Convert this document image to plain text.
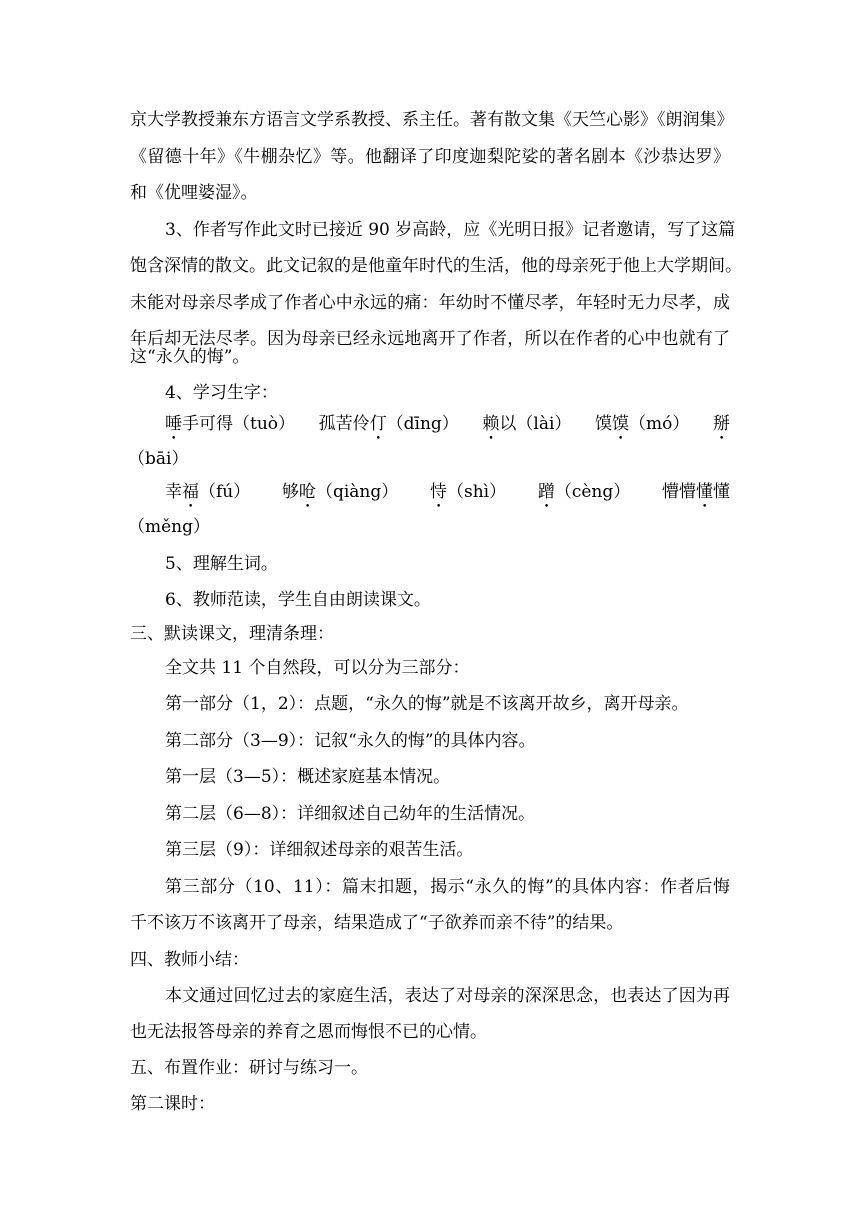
京大学教授兼东方语言文学系教授、系主任。著有散文集《天竺心影》《朗润集》
《留德十年》《牛棚杂忆》等。他翻译了印度迦梨陀娑的著名剧本《沙恭达罗》
和《优哩婆湿》。
3、作者写作此文时已接近 90 岁高龄，应《光明日报》记者邀请，写了这篇
饱含深情的散文。此文记叙的是他童年时代的生活，他的母亲死于他上大学期间。
未能对母亲尽孝成了作者心中永远的痛：年幼时不懂尽孝，年轻时无力尽孝，成
年后却无法尽孝。因为母亲已经永远地离开了作者，所以在作者的心中也就有了
这“永久的悔”。
4、学习生字：
唾手可得（tuò） 孤苦伶仃（dīng） 赖以（lài） 馍馍（mó） 掰
（bāi）
幸福（fú） 够呛（qiàng） 恃（shì） 蹭（cèng） 懵懵懂懂
（měng）
5、理解生词。
6、教师范读，学生自由朗读课文。
三、默读课文，理清条理：
全文共 11 个自然段，可以分为三部分：
第一部分（1，2）：点题，“永久的悔”就是不该离开故乡，离开母亲。
第二部分（3—9）：记叙“永久的悔”的具体内容。
第一层（3—5）：概述家庭基本情况。
第二层（6—8）：详细叙述自己幼年的生活情况。
第三层（9）：详细叙述母亲的艰苦生活。
第三部分（10、11）：篇末扣题，揭示“永久的悔”的具体内容：作者后悔
千不该万不该离开了母亲，结果造成了“子欲养而亲不待”的结果。
四、教师小结：
本文通过回忆过去的家庭生活，表达了对母亲的深深思念，也表达了因为再
也无法报答母亲的养育之恩而悔恨不已的心情。
五、布置作业：研讨与练习一。
第二课时：
